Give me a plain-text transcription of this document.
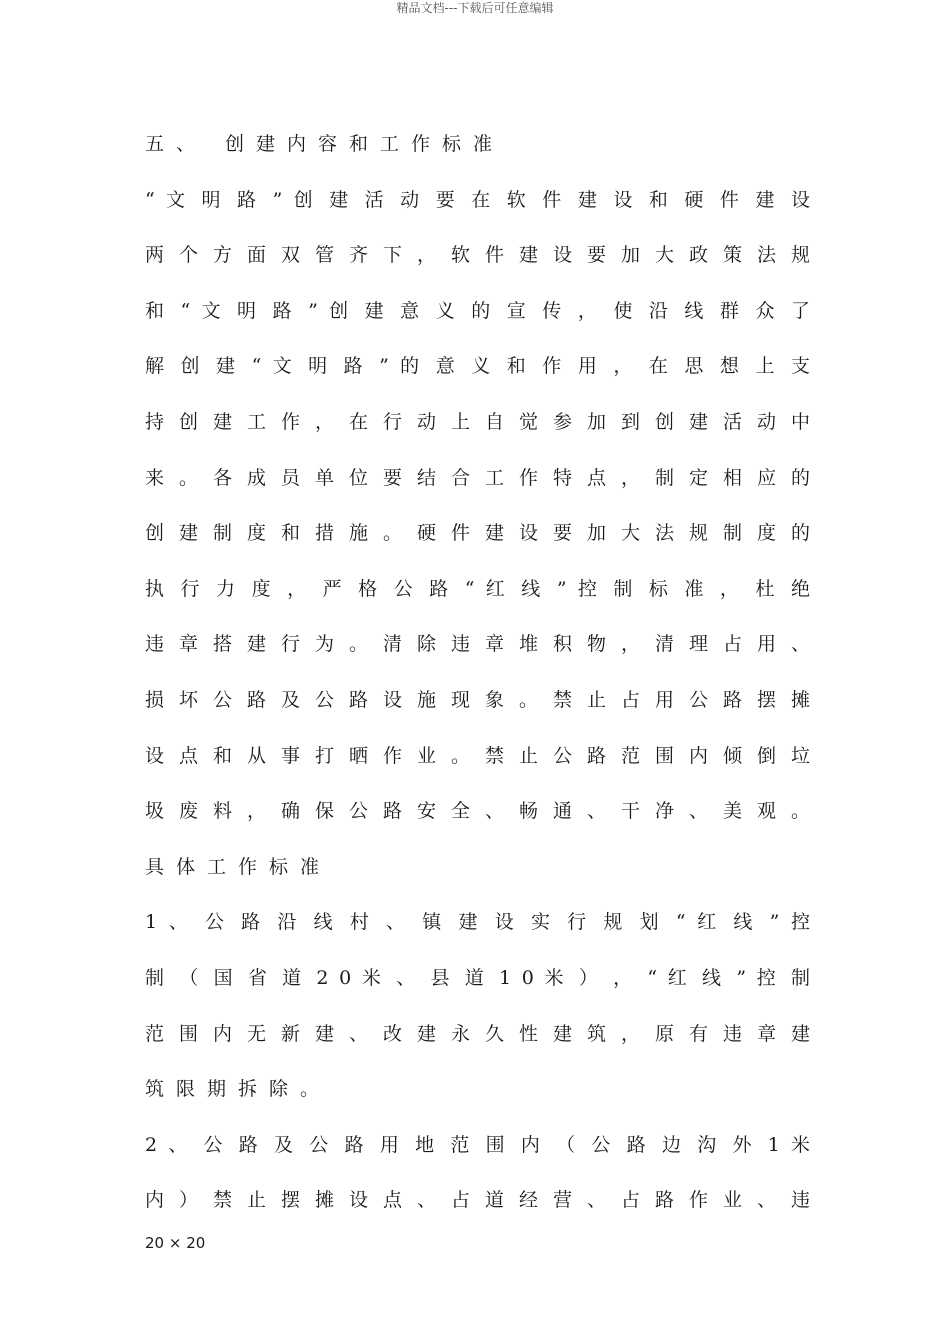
精品文档---下载后可任意编辑
五、 创建内容和工作标准
“ 文 明 路 ” 创 建 活 动 要 在 软 件 建 设 和 硬 件 建 设
两 个 方 面 双 管 齐 下 ， 软 件 建 设 要 加 大 政 策 法 规
和 “ 文 明 路 ” 创 建 意 义 的 宣 传 ， 使 沿 线 群 众 了
解 创 建 “ 文 明 路 ” 的 意 义 和 作 用 ， 在 思 想 上 支
持 创 建 工 作 ， 在 行 动 上 自 觉 参 加 到 创 建 活 动 中
来 。 各 成 员 单 位 要 结 合 工 作 特 点 ， 制 定 相 应 的
创 建 制 度 和 措 施 。 硬 件 建 设 要 加 大 法 规 制 度 的
执 行 力 度 ， 严 格 公 路 “ 红 线 ” 控 制 标 准 ， 杜 绝
违 章 搭 建 行 为 。 清 除 违 章 堆 积 物 ， 清 理 占 用 、
损 坏 公 路 及 公 路 设 施 现 象 。 禁 止 占 用 公 路 摆 摊
设 点 和 从 事 打 晒 作 业 。 禁 止 公 路 范 围 内 倾 倒 垃
圾 废 料 ， 确 保 公 路 安 全 、 畅 通 、 干 净 、 美 观 。
具体工作标准
1 、 公 路 沿 线 村 、 镇 建 设 实 行 规 划 “ 红 线 ” 控
制 （ 国 省 道 2 0 米 、 县 道 1 0 米 ） ， “ 红 线 ” 控 制
范 围 内 无 新 建 、 改 建 永 久 性 建 筑 ， 原 有 违 章 建
筑限期拆除。
2 、 公 路 及 公 路 用 地 范 围 内 （ 公 路 边 沟 外 1 米
内 ） 禁 止 摆 摊 设 点 、 占 道 经 营 、 占 路 作 业 、 违
20 × 20
